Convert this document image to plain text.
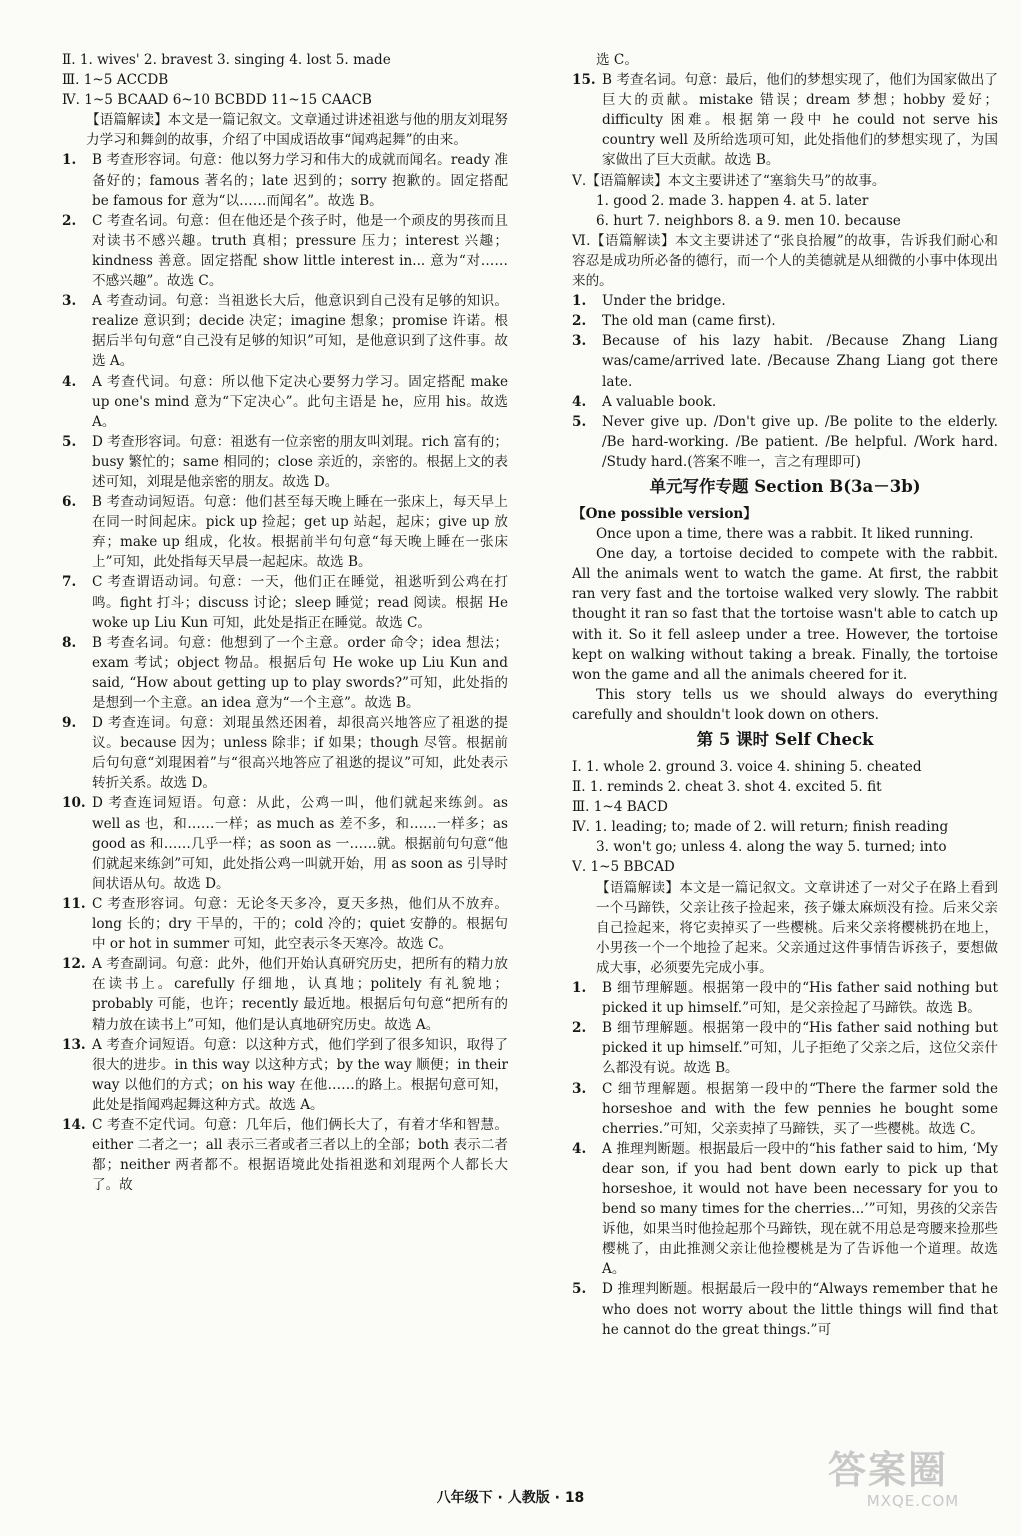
Ⅱ. 1. wives' 2. bravest 3. singing 4. lost 5. made
Ⅲ. 1~5 ACCDB
Ⅳ. 1~5 BCAAD 6~10 BCBDD 11~15 CAACB
【语篇解读】本文是一篇记叙文。文章通过讲述祖逖与他的朋友刘琨努力学习和舞剑的故事，介绍了中国成语故事“闻鸡起舞”的由来。
1.	B 考查形容词。句意：他以努力学习和伟大的成就而闻名。ready 准备好的；famous 著名的；late 迟到的；sorry 抱歉的。固定搭配 be famous for 意为“以……而闻名”。故选 B。
2.	C 考查名词。句意：但在他还是个孩子时，他是一个顽皮的男孩而且对读书不感兴趣。truth 真相；pressure 压力；interest 兴趣；kindness 善意。固定搭配 show little interest in... 意为“对……不感兴趣”。故选 C。
3.	A 考查动词。句意：当祖逖长大后，他意识到自己没有足够的知识。realize 意识到；decide 决定；imagine 想象；promise 许诺。根据后半句句意“自己没有足够的知识”可知，是他意识到了这件事。故选 A。
4.	A 考查代词。句意：所以他下定决心要努力学习。固定搭配 make up one's mind 意为“下定决心”。此句主语是 he，应用 his。故选 A。
5.	D 考查形容词。句意：祖逖有一位亲密的朋友叫刘琨。rich 富有的；busy 繁忙的；same 相同的；close 亲近的，亲密的。根据上文的表述可知，刘琨是他亲密的朋友。故选 D。
6.	B 考查动词短语。句意：他们甚至每天晚上睡在一张床上，每天早上在同一时间起床。pick up 捡起；get up 站起，起床；give up 放弃；make up 组成，化妆。根据前半句句意“每天晚上睡在一张床上”可知，此处指每天早晨一起起床。故选 B。
7.	C 考查谓语动词。句意：一天，他们正在睡觉，祖逖听到公鸡在打鸣。fight 打斗；discuss 讨论；sleep 睡觉；read 阅读。根据 He woke up Liu Kun 可知，此处是指正在睡觉。故选 C。
8.	B 考查名词。句意：他想到了一个主意。order 命令；idea 想法；exam 考试；object 物品。根据后句 He woke up Liu Kun and said, “How about getting up to play swords?”可知，此处指的是想到一个主意。an idea 意为“一个主意”。故选 B。
9.	D 考查连词。句意：刘琨虽然还困着，却很高兴地答应了祖逖的提议。because 因为；unless 除非；if 如果；though 尽管。根据前后句句意“刘琨困着”与“很高兴地答应了祖逖的提议”可知，此处表示转折关系。故选 D。
10. D 考查连词短语。句意：从此，公鸡一叫，他们就起来练剑。as well as 也，和……一样；as much as 差不多，和……一样多；as good as 和……几乎一样；as soon as 一……就。根据前句句意“他们就起来练剑”可知，此处指公鸡一叫就开始，用 as soon as 引导时间状语从句。故选 D。
11. C 考查形容词。句意：无论冬天多冷，夏天多热，他们从不放弃。long 长的；dry 干旱的，干的；cold 冷的；quiet 安静的。根据句中 or hot in summer 可知，此空表示冬天寒冷。故选 C。
12. A 考查副词。句意：此外，他们开始认真研究历史，把所有的精力放在读书上。carefully 仔细地，认真地；politely 有礼貌地；probably 可能，也许；recently 最近地。根据后句句意“把所有的精力放在读书上”可知，他们是认真地研究历史。故选 A。
13. A 考查介词短语。句意：以这种方式，他们学到了很多知识，取得了很大的进步。in this way 以这种方式；by the way 顺便；in their way 以他们的方式；on his way 在他……的路上。根据句意可知，此处是指闻鸡起舞这种方式。故选 A。
14. C 考查不定代词。句意：几年后，他们俩长大了，有着才华和智慧。either 二者之一；all 表示三者或者三者以上的全部；both 表示二者都；neither 两者都不。根据语境此处指祖逖和刘琨两个人都长大了。故
选 C。
15. B 考查名词。句意：最后，他们的梦想实现了，他们为国家做出了巨大的贡献。mistake 错误；dream 梦想；hobby 爱好；difficulty 困难。根据第一段中 he could not serve his country well 及所给选项可知，此处指他们的梦想实现了，为国家做出了巨大贡献。故选 B。
Ⅴ.【语篇解读】本文主要讲述了“塞翁失马”的故事。
1. good 2. made 3. happen 4. at 5. later
6. hurt 7. neighbors 8. a 9. men 10. because
Ⅵ.【语篇解读】本文主要讲述了“张良拾履”的故事，告诉我们耐心和容忍是成功所必备的德行，而一个人的美德就是从细微的小事中体现出来的。
1.	Under the bridge.
2.	The old man (came first).
3.	Because of his lazy habit. /Because Zhang Liang was/came/arrived late. /Because Zhang Liang got there late.
4.	A valuable book.
5.	Never give up. /Don't give up. /Be polite to the elderly. /Be hard-working. /Be patient. /Be helpful. /Work hard. /Study hard.(答案不唯一，言之有理即可)
单元写作专题 Section B(3a－3b)
【One possible version】
Once upon a time, there was a rabbit. It liked running.
One day, a tortoise decided to compete with the rabbit. All the animals went to watch the game. At first, the rabbit ran very fast and the tortoise walked very slowly. The rabbit thought it ran so fast that the tortoise wasn't able to catch up with it. So it fell asleep under a tree. However, the tortoise kept on walking without taking a break. Finally, the tortoise won the game and all the animals cheered for it.
This story tells us we should always do everything carefully and shouldn't look down on others.
第 5 课时 Self Check
Ⅰ. 1. whole 2. ground 3. voice 4. shining 5. cheated
Ⅱ. 1. reminds 2. cheat 3. shot 4. excited 5. fit
Ⅲ. 1~4 BACD
Ⅳ. 1. leading; to; made of 2. will return; finish reading
3. won't go; unless 4. along the way 5. turned; into
Ⅴ. 1~5 BBCAD
【语篇解读】本文是一篇记叙文。文章讲述了一对父子在路上看到一个马蹄铁，父亲让孩子捡起来，孩子嫌太麻烦没有捡。后来父亲自己捡起来，将它卖掉买了一些樱桃。后来父亲将樱桃扔在地上，小男孩一个一个地捡了起来。父亲通过这件事情告诉孩子，要想做成大事，必须要先完成小事。
1.	B 细节理解题。根据第一段中的“His father said nothing but picked it up himself.”可知，是父亲捡起了马蹄铁。故选 B。
2.	B 细节理解题。根据第一段中的“His father said nothing but picked it up himself.”可知，儿子拒绝了父亲之后，这位父亲什么都没有说。故选 B。
3.	C 细节理解题。根据第一段中的“There the farmer sold the horseshoe and with the few pennies he bought some cherries.”可知，父亲卖掉了马蹄铁，买了一些樱桃。故选 C。
4.	A 推理判断题。根据最后一段中的“his father said to him, ‘My dear son, if you had bent down early to pick up that horseshoe, it would not have been necessary for you to bend so many times for the cherries...’”可知，男孩的父亲告诉他，如果当时他捡起那个马蹄铁，现在就不用总是弯腰来捡那些樱桃了，由此推测父亲让他捡樱桃是为了告诉他一个道理。故选 A。
5.	D 推理判断题。根据最后一段中的“Always remember that he who does not worry about the little things will find that he cannot do the great things.”可
八年级下 · 人教版 · 18
答案圈
MXQE.COM
